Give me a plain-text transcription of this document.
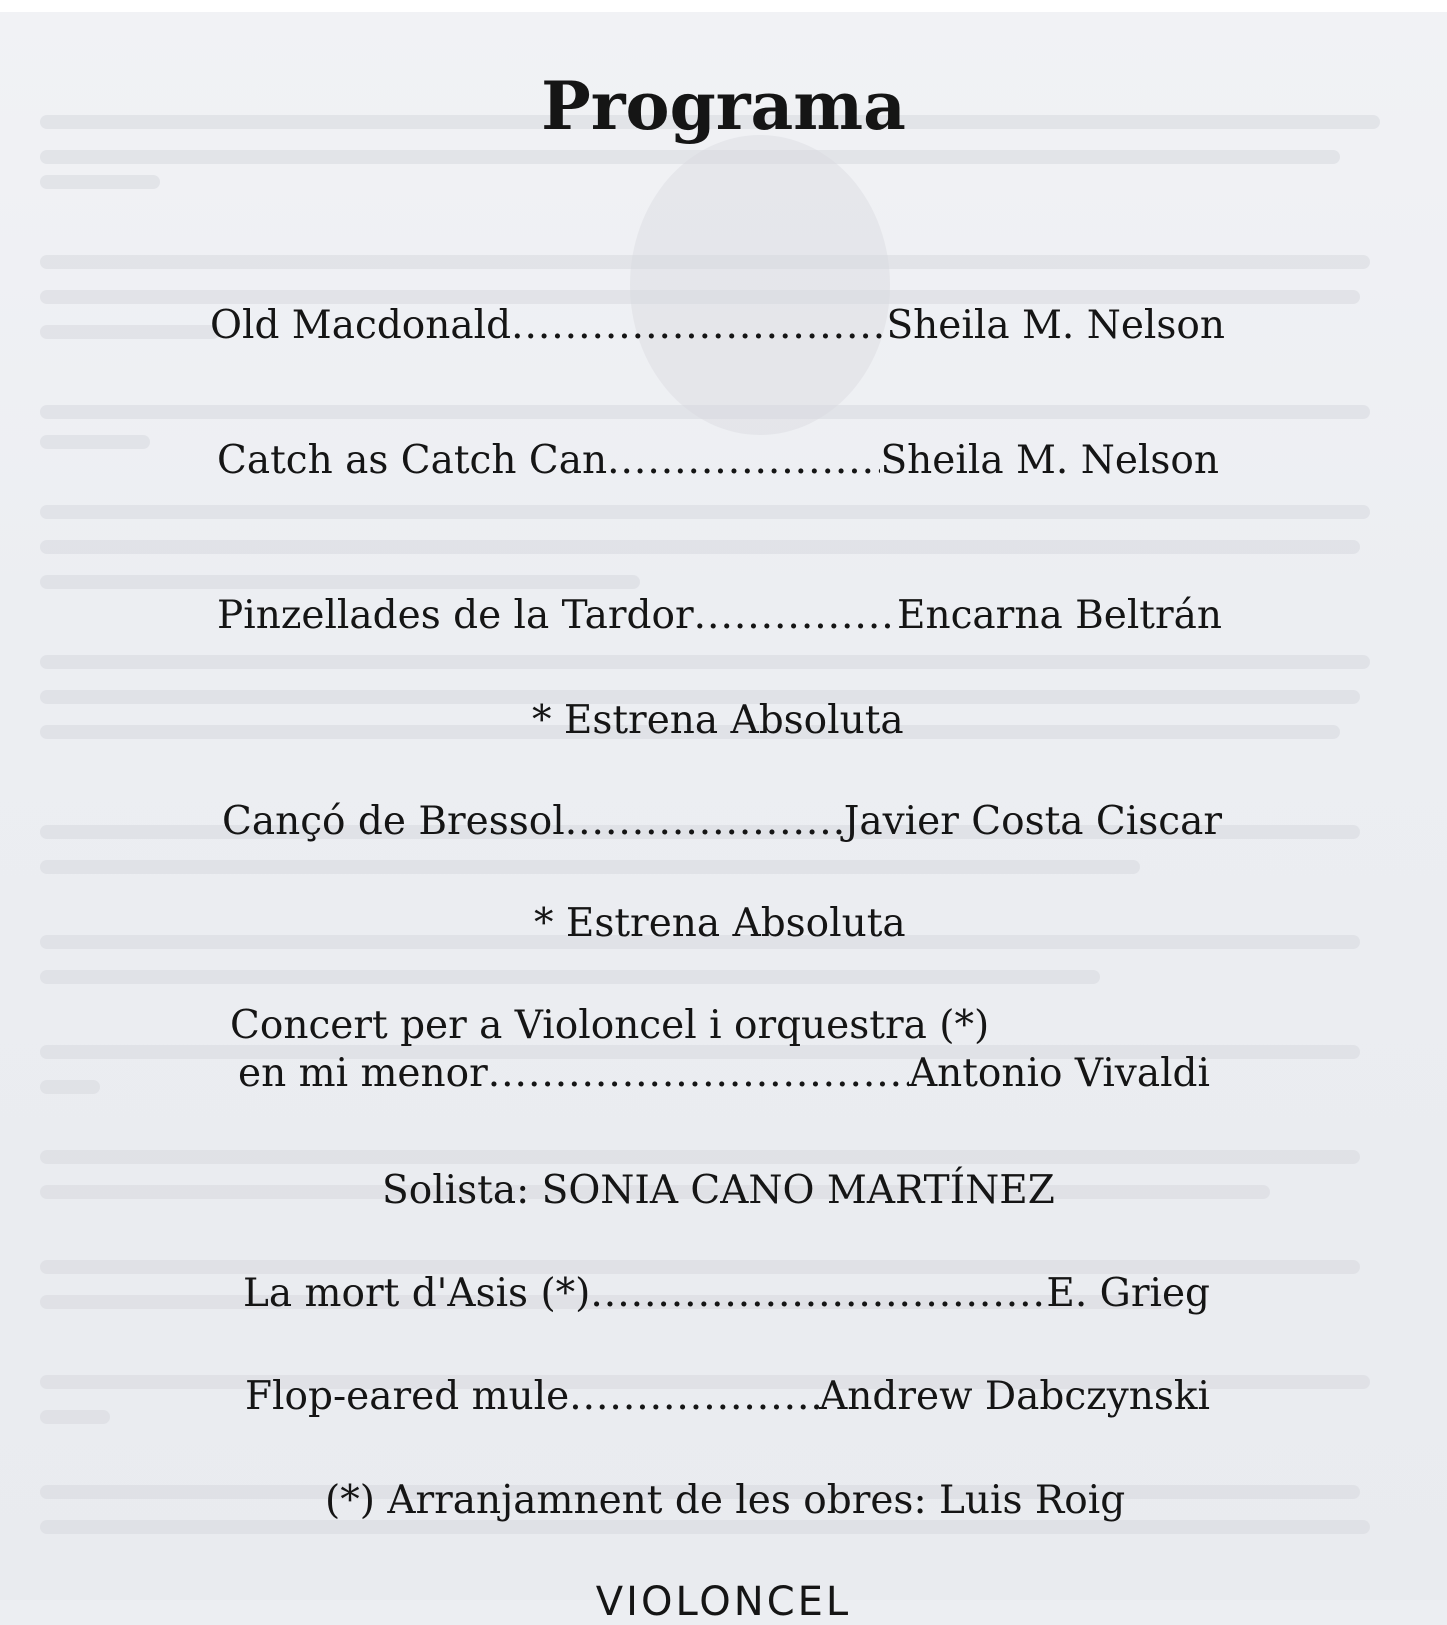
Programa
Old Macdonald .....	Sheila M. Nelson
Catch as Catch Can .....	Sheila M. Nelson
Pinzellades de la Tardor .....	Encarna Beltrán
* Estrena Absoluta
Cançó de Bressol .....	Javier Costa Ciscar
* Estrena Absoluta
Concert per a Violoncel i orquestra (*)
en mi menor .....	Antonio Vivaldi
Solista: SONIA CANO MARTÍNEZ
La mort d'Asis (*) .....	E. Grieg
Flop-eared mule .....	Andrew Dabczynski
(*) Arranjamnent de les obres: Luis Roig
VIOLONCEL
